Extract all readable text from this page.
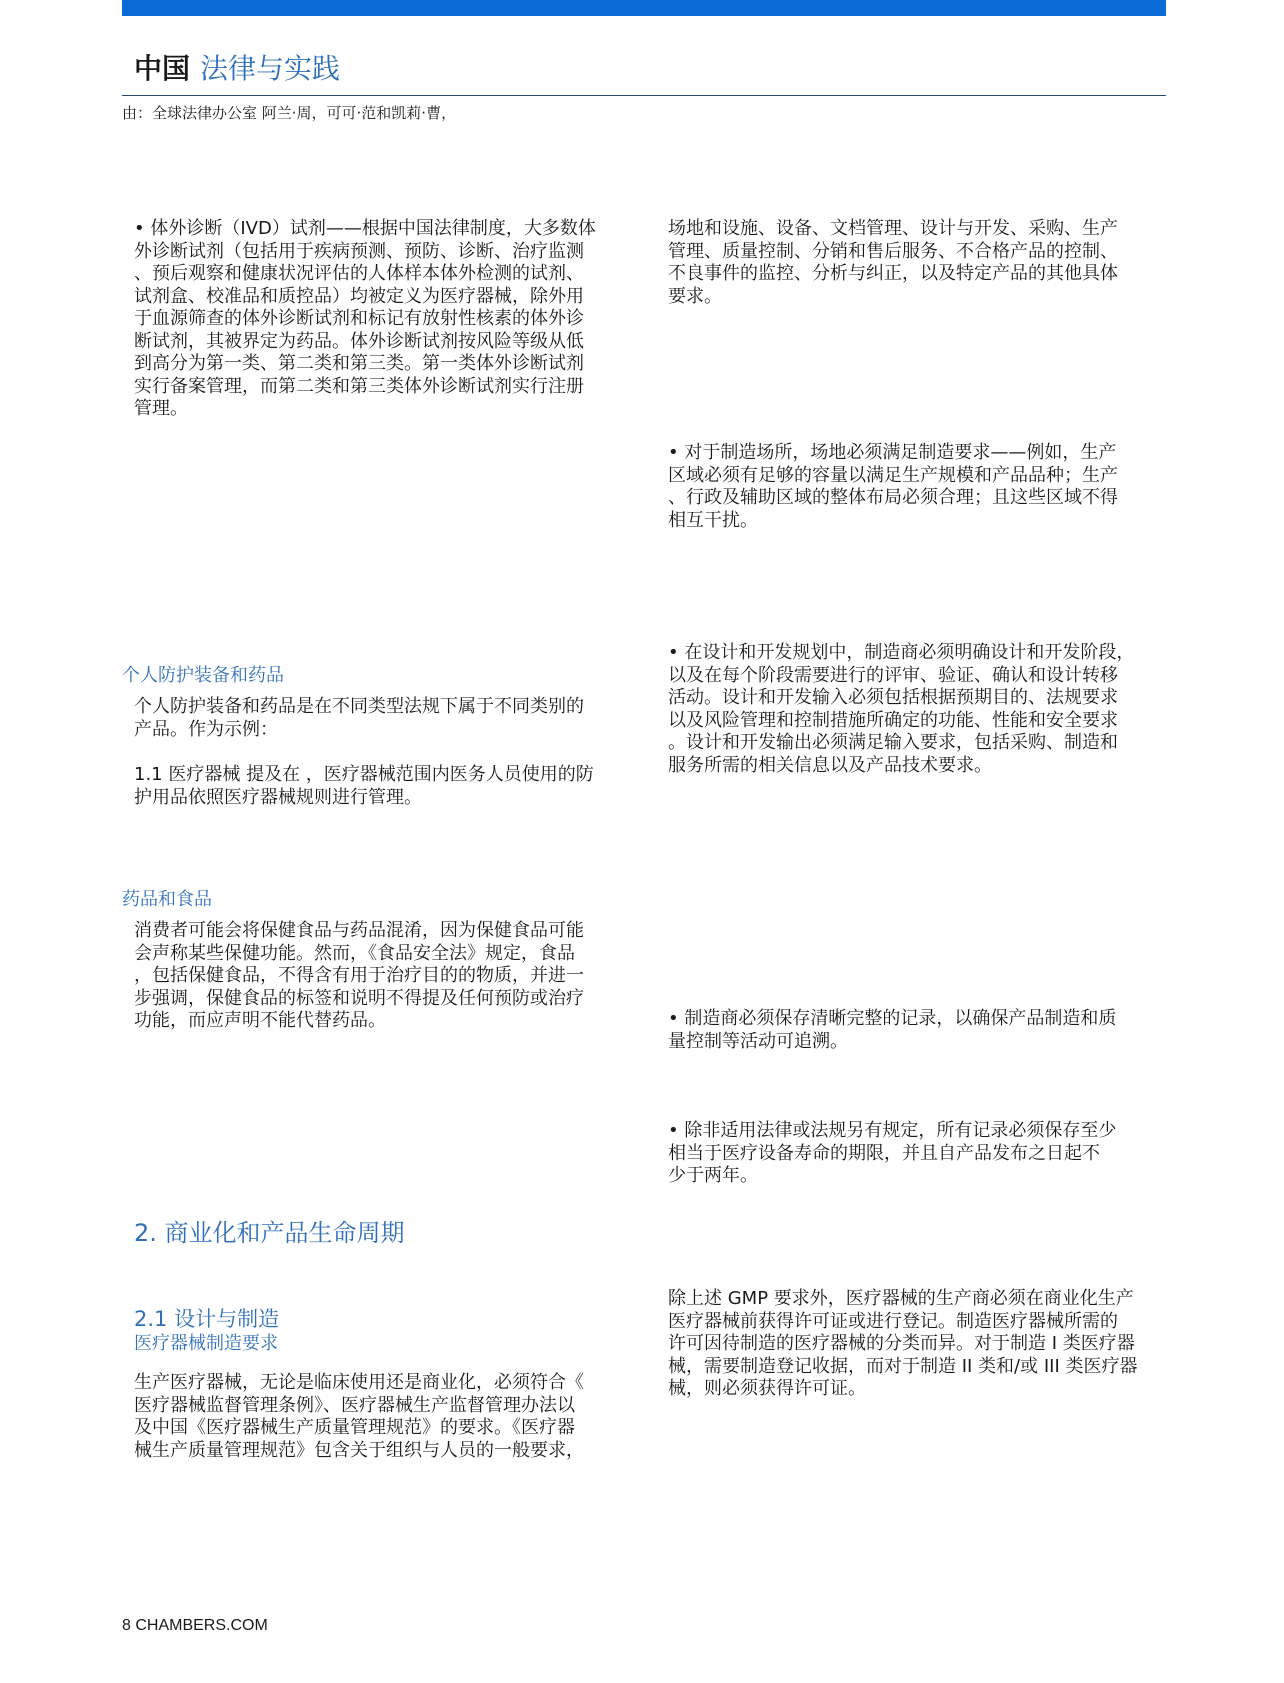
中国 法律与实践
由：全球法律办公室 阿兰·周，可可·范和凯莉·曹，

• 体外诊断（IVD）试剂——根据中国法律制度，大多数体
外诊断试剂（包括用于疾病预测、预防、诊断、治疗监测
、预后观察和健康状况评估的人体样本体外检测的试剂、
试剂盒、校准品和质控品）均被定义为医疗器械，除外用
于血源筛查的体外诊断试剂和标记有放射性核素的体外诊
断试剂，其被界定为药品。体外诊断试剂按风险等级从低
到高分为第一类、第二类和第三类。第一类体外诊断试剂
实行备案管理，而第二类和第三类体外诊断试剂实行注册
管理。

个人防护装备和药品

个人防护装备和药品是在不同类型法规下属于不同类别的
产品。作为示例：

1.1 医疗器械 提及在 ，医疗器械范围内医务人员使用的防
护用品依照医疗器械规则进行管理。

药品和食品

消费者可能会将保健食品与药品混淆，因为保健食品可能
会声称某些保健功能。然而，《食品安全法》规定，食品
，包括保健食品，不得含有用于治疗目的的物质，并进一
步强调，保健食品的标签和说明不得提及任何预防或治疗
功能，而应声明不能代替药品。

2. 商业化和产品生命周期
2.1 设计与制造
医疗器械制造要求

生产医疗器械，无论是临床使用还是商业化，必须符合《
医疗器械监督管理条例》、医疗器械生产监督管理办法以
及中国《医疗器械生产质量管理规范》的要求。《医疗器
械生产质量管理规范》包含关于组织与人员的一般要求，

场地和设施、设备、文档管理、设计与开发、采购、生产
管理、质量控制、分销和售后服务、不合格产品的控制、
不良事件的监控、分析与纠正，以及特定产品的其他具体
要求。

• 对于制造场所，场地必须满足制造要求——例如，生产
区域必须有足够的容量以满足生产规模和产品品种；生产
、行政及辅助区域的整体布局必须合理；且这些区域不得
相互干扰。

• 在设计和开发规划中，制造商必须明确设计和开发阶段，
以及在每个阶段需要进行的评审、验证、确认和设计转移
活动。设计和开发输入必须包括根据预期目的、法规要求
以及风险管理和控制措施所确定的功能、性能和安全要求
。设计和开发输出必须满足输入要求，包括采购、制造和
服务所需的相关信息以及产品技术要求。

• 制造商必须保存清晰完整的记录，以确保产品制造和质
量控制等活动可追溯。

• 除非适用法律或法规另有规定，所有记录必须保存至少
相当于医疗设备寿命的期限，并且自产品发布之日起不
少于两年。

除上述 GMP 要求外，医疗器械的生产商必须在商业化生产
医疗器械前获得许可证或进行登记。制造医疗器械所需的
许可因待制造的医疗器械的分类而异。对于制造 I 类医疗器
械，需要制造登记收据，而对于制造 II 类和/或 III 类医疗器
械，则必须获得许可证。

8 CHAMBERS.COM
